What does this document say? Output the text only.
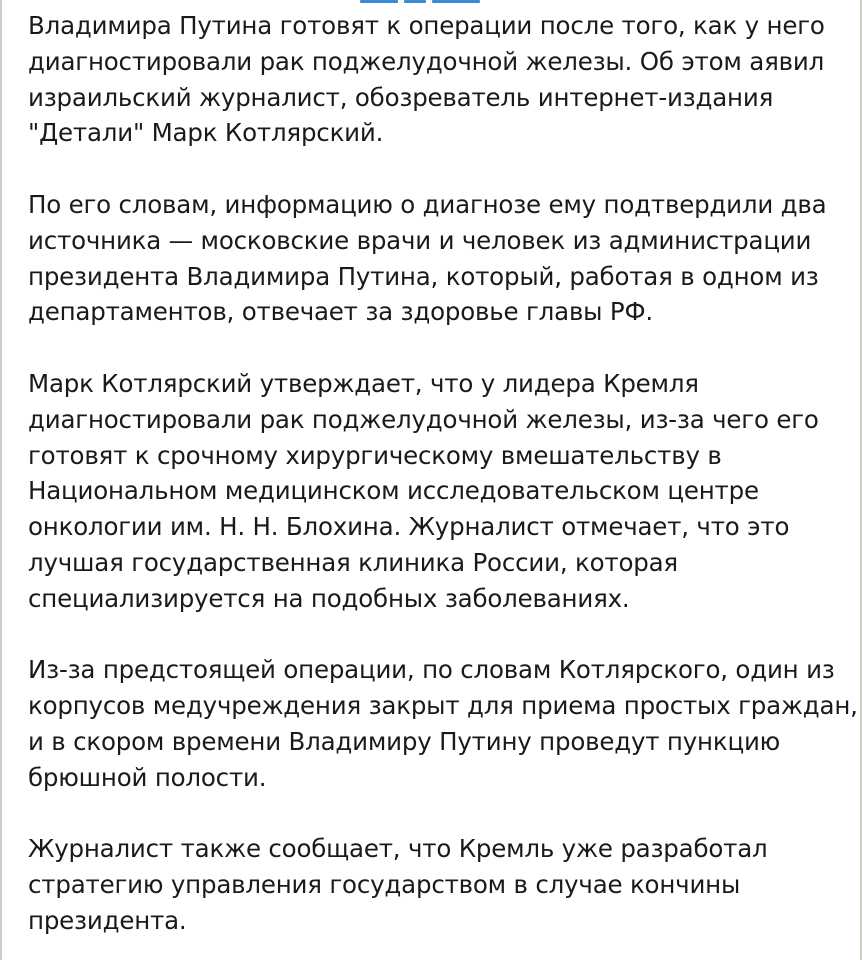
Владимира Путина готовят к операции после того, как у него
диагностировали рак поджелудочной железы. Об этом аявил
израильский журналист, обозреватель интернет-издания
"Детали" Марк Котлярский.

По его словам, информацию о диагнозе ему подтвердили два
источника — московские врачи и человек из администрации
президента Владимира Путина, который, работая в одном из
департаментов, отвечает за здоровье главы РФ.

Марк Котлярский утверждает, что у лидера Кремля
диагностировали рак поджелудочной железы, из-за чего его
готовят к срочному хирургическому вмешательству в
Национальном медицинском исследовательском центре
онкологии им. Н. Н. Блохина. Журналист отмечает, что это
лучшая государственная клиника России, которая
специализируется на подобных заболеваниях.

Из-за предстоящей операции, по словам Котлярского, один из
корпусов медучреждения закрыт для приема простых граждан,
и в скором времени Владимиру Путину проведут пункцию
брюшной полости.

Журналист также сообщает, что Кремль уже разработал
стратегию управления государством в случае кончины
президента.
